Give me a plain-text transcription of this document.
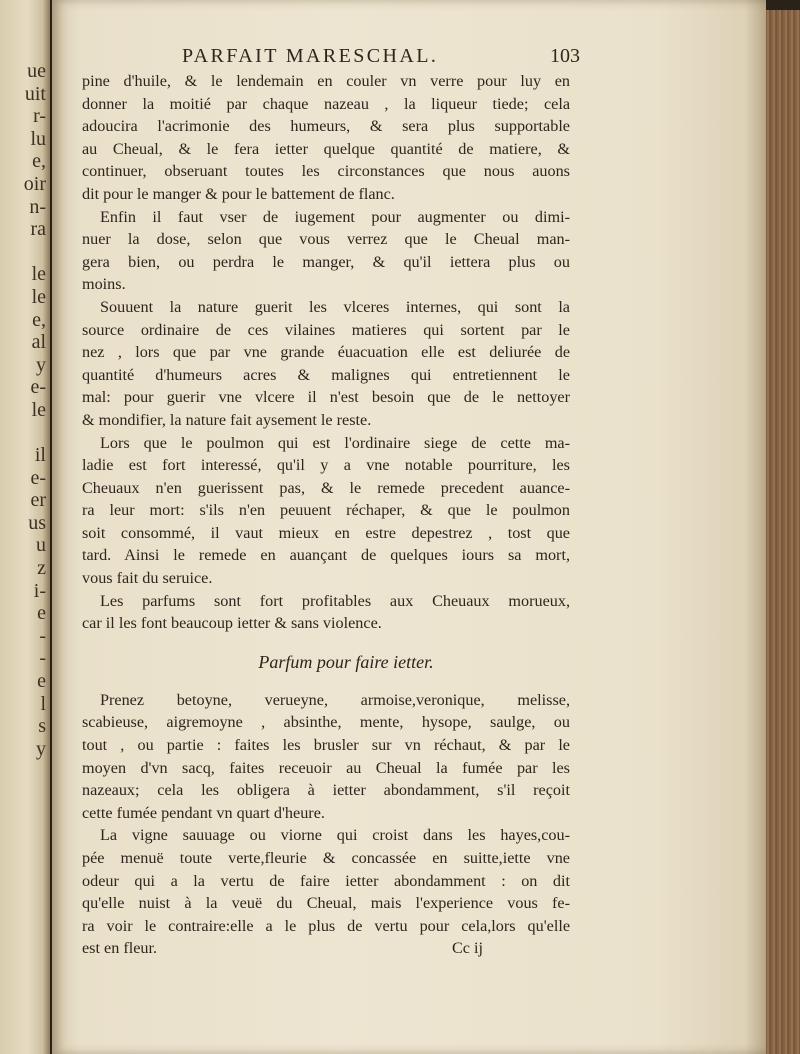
ue
uit
r-
lu
e,
oir
n-
ra
le
le
e,
al
y
e-
le
il
e-
er
us
u
z
i-
e
-
-
e
l
s
y
PARFAIT MARESCHAL.	103
pine d'huile, & le lendemain en couler vn verre pour luy en
donner la moitié par chaque nazeau , la liqueur tiede; cela
adoucira l'acrimonie des humeurs, & sera plus supportable
au Cheual, & le fera ietter quelque quantité de matiere, &
continuer, obseruant toutes les circonstances que nous auons
dit pour le manger & pour le battement de flanc.
Enfin il faut vser de iugement pour augmenter ou dimi-
nuer la dose, selon que vous verrez que le Cheual man-
gera bien, ou perdra le manger, & qu'il iettera plus ou
moins.
Souuent la nature guerit les vlceres internes, qui sont la
source ordinaire de ces vilaines matieres qui sortent par le
nez , lors que par vne grande éuacuation elle est deliurée de
quantité d'humeurs acres & malignes qui entretiennent le
mal: pour guerir vne vlcere il n'est besoin que de le nettoyer
& mondifier, la nature fait aysement le reste.
Lors que le poulmon qui est l'ordinaire siege de cette ma-
ladie est fort interessé, qu'il y a vne notable pourriture, les
Cheuaux n'en guerissent pas, & le remede precedent auance-
ra leur mort: s'ils n'en peuuent réchaper, & que le poulmon
soit consommé, il vaut mieux en estre depestrez , tost que
tard. Ainsi le remede en auançant de quelques iours sa mort,
vous fait du seruice.
Les parfums sont fort profitables aux Cheuaux morueux,
car il les font beaucoup ietter & sans violence.
Parfum pour faire ietter.
Prenez betoyne, verueyne, armoise,veronique, melisse,
scabieuse, aigremoyne , absinthe, mente, hysope, saulge, ou
tout , ou partie : faites les brusler sur vn réchaut, & par le
moyen d'vn sacq, faites receuoir au Cheual la fumée par les
nazeaux; cela les obligera à ietter abondamment, s'il reçoit
cette fumée pendant vn quart d'heure.
La vigne sauuage ou viorne qui croist dans les hayes,cou-
pée menuë toute verte,fleurie & concassée en suitte,iette vne
odeur qui a la vertu de faire ietter abondamment : on dit
qu'elle nuist à la veuë du Cheual, mais l'experience vous fe-
ra voir le contraire:elle a le plus de vertu pour cela,lors qu'elle
est en fleur.	Cc ij
